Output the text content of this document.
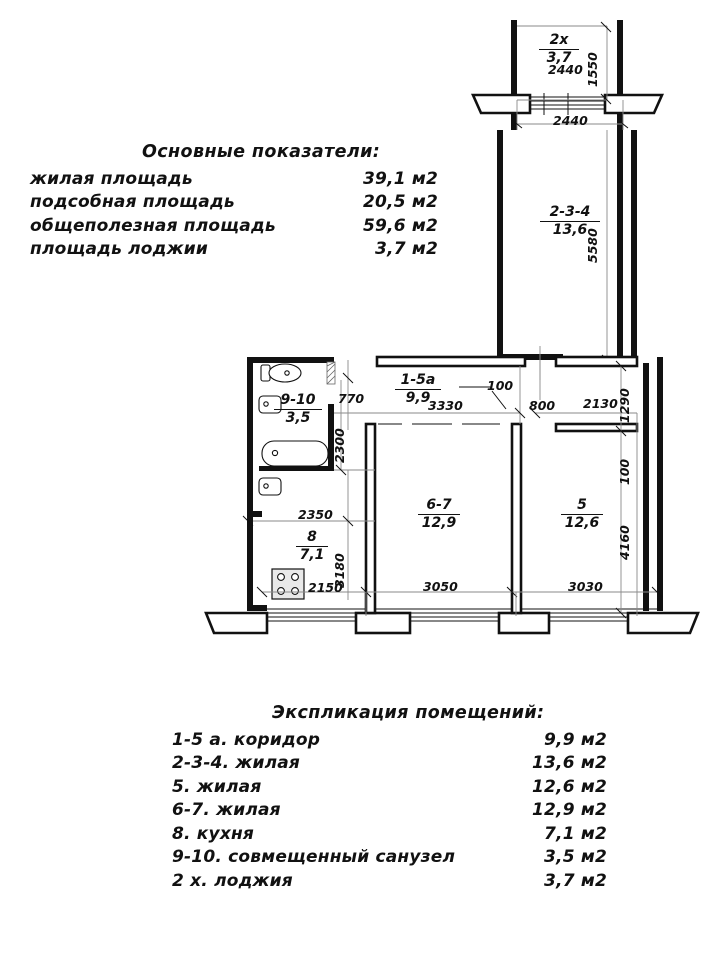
2х
3,7
2440 1550
2440
2-3-4
13,6
5580
1-5а
9,9
3330
100
800 2130 1290
100
4160
9-10
3,5
770
2300
8
7,1
2350
3180
2150
6-7
12,9
3050
5
12,6
3030
Основные показатели:
жилая площадь	39,1 м2
подсобная площадь	20,5 м2
общеполезная площадь	59,6 м2
площадь лоджии	3,7 м2
Экспликация помещений:
1-5 а. коридор	9,9 м2
2-3-4. жилая	13,6 м2
5. жилая	12,6 м2
6-7. жилая	12,9 м2
8. кухня	7,1 м2
9-10. совмещенный санузел	3,5 м2
2 х. лоджия	3,7 м2
